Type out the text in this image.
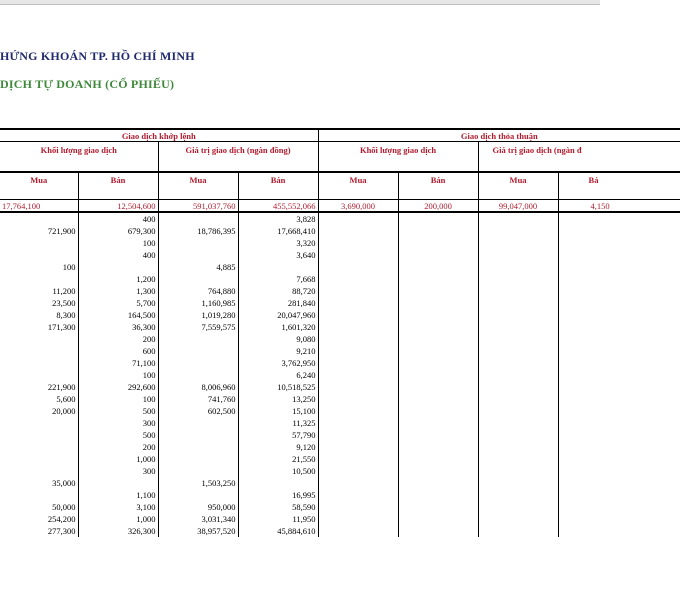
HỨNG KHOÁN TP. HỒ CHÍ MINH
DỊCH TỰ DOANH (CỔ PHIẾU)
Giao dịch khớp lệnh				Giao dịch thỏa thuận			
Khối lượng giao dịch		Giá trị giao dịch (ngàn đồng)		Khối lượng giao dịch		Giá trị giao dịch (ngàn đ	
Mua	Bán	Mua	Bán	Mua	Bán	Mua	Bá

17,764,100	12,504,600	591,037,760	455,552,066	3,690,000	200,000	99,047,000	4,150
	400		3,828				
721,900	679,300	18,786,395	17,668,410				
	100		3,320				
	400		3,640				
100		4,885					
	1,200		7,668				
11,200	1,300	764,880	88,720				
23,500	5,700	1,160,985	281,840				
8,300	164,500	1,019,280	20,047,960				
171,300	36,300	7,559,575	1,601,320				
	200		9,080				
	600		9,210				
	71,100		3,762,950				
	100		6,240				
221,900	292,600	8,006,960	10,518,525				
5,600	100	741,760	13,250				
20,000	500	602,500	15,100				
	300		11,325				
	500		57,790				
	200		9,120				
	1,000		21,550				
	300		10,500				
35,000		1,503,250					
	1,100		16,995				
50,000	3,100	950,000	58,590				
254,200	1,000	3,031,340	11,950				
277,300	326,300	38,957,520	45,884,610				
